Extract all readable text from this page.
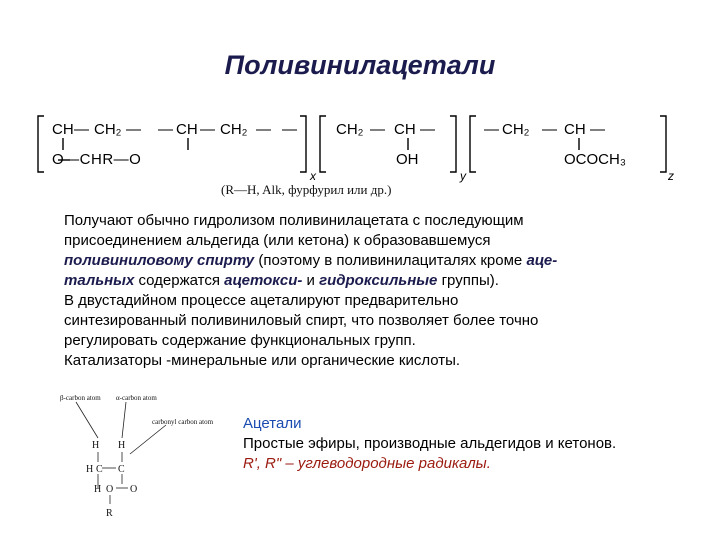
Поливинилацетали
CH — CH₂ — CH
— — CH₂ — —	CH₂ — CH —	— CH₂ — CH —
O—CHR—O	OH	OCOCH₃
x	y	z
(R—H, Alk, фурфурил или др.)

Получают обычно гидролизом поливинилацетата с последующим

присоединением альдегида (или кетона) к образовавшемуся

поливиниловому спирту (поэтому в поливинилациталях кроме аце-

тальных содержатся ацетокси- и гидроксильные группы).

В двустадийном процессе ацеталируют предварительно

синтезированный поливиниловый спирт, что позволяет более точно

регулировать содержание функциональных групп.

Катализаторы -минеральные или органические кислоты.

β-carbon atom α-carbon atom
carbonyl carbon atom
H H
H C C
O
R
O
H
Ацетали
Простые эфиры, производные альдегидов и кетонов.
R', R" – углеводородные радикалы.
